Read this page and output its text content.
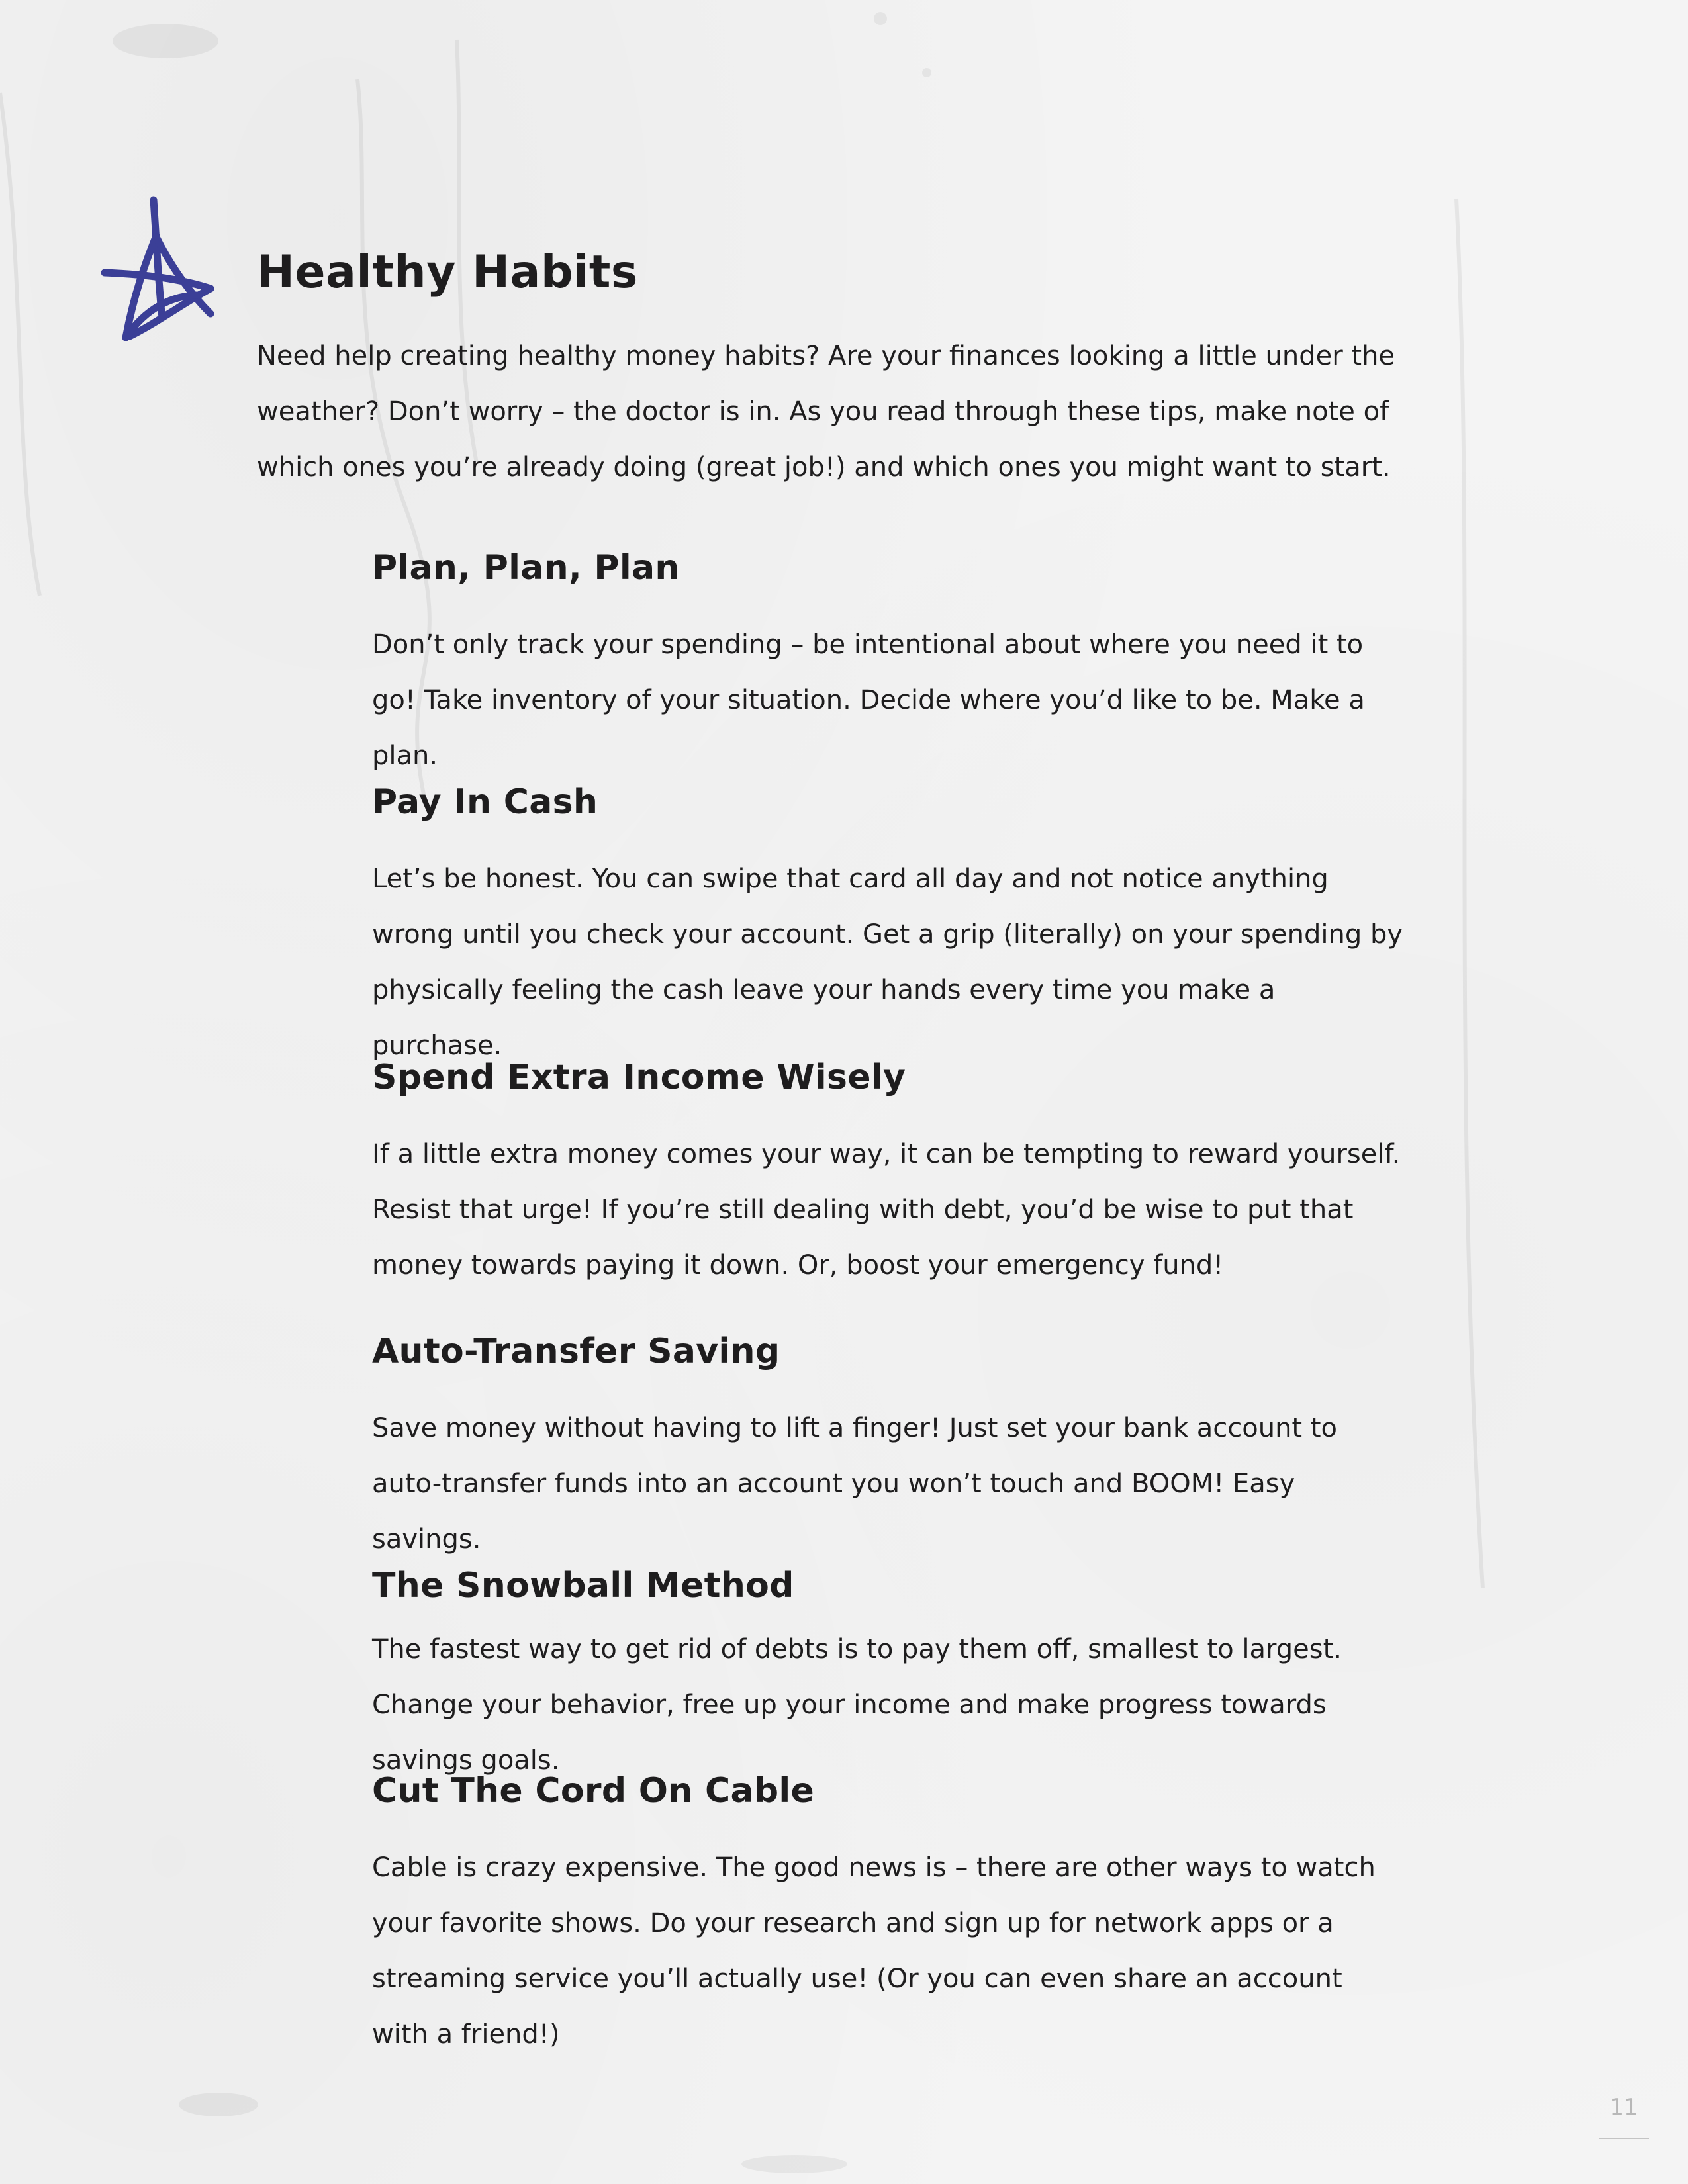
Healthy Habits

Need help creating healthy money habits? Are your finances looking a little under the weather? Don’t worry – the doctor is in. As you read through these tips, make note of which ones you’re already doing (great job!) and which ones you might want to start.

Plan, Plan, Plan

Don’t only track your spending – be intentional about where you need it to go! Take inventory of your situation. Decide where you’d like to be. Make a plan.

Pay In Cash

Let’s be honest. You can swipe that card all day and not notice anything wrong until you check your account. Get a grip (literally) on your spending by physically feeling the cash leave your hands every time you make a purchase.

Spend Extra Income Wisely

If a little extra money comes your way, it can be tempting to reward yourself. Resist that urge! If you’re still dealing with debt, you’d be wise to put that money towards paying it down. Or, boost your emergency fund!

Auto-Transfer Saving

Save money without having to lift a finger! Just set your bank account to auto-transfer funds into an account you won’t touch and BOOM! Easy savings.

The Snowball Method

The fastest way to get rid of debts is to pay them off, smallest to largest. Change your behavior, free up your income and make progress towards savings goals.

Cut The Cord On Cable

Cable is crazy expensive. The good news is – there are other ways to watch your favorite shows. Do your research and sign up for network apps or a streaming service you’ll actually use! (Or you can even share an account with a friend!)

11
